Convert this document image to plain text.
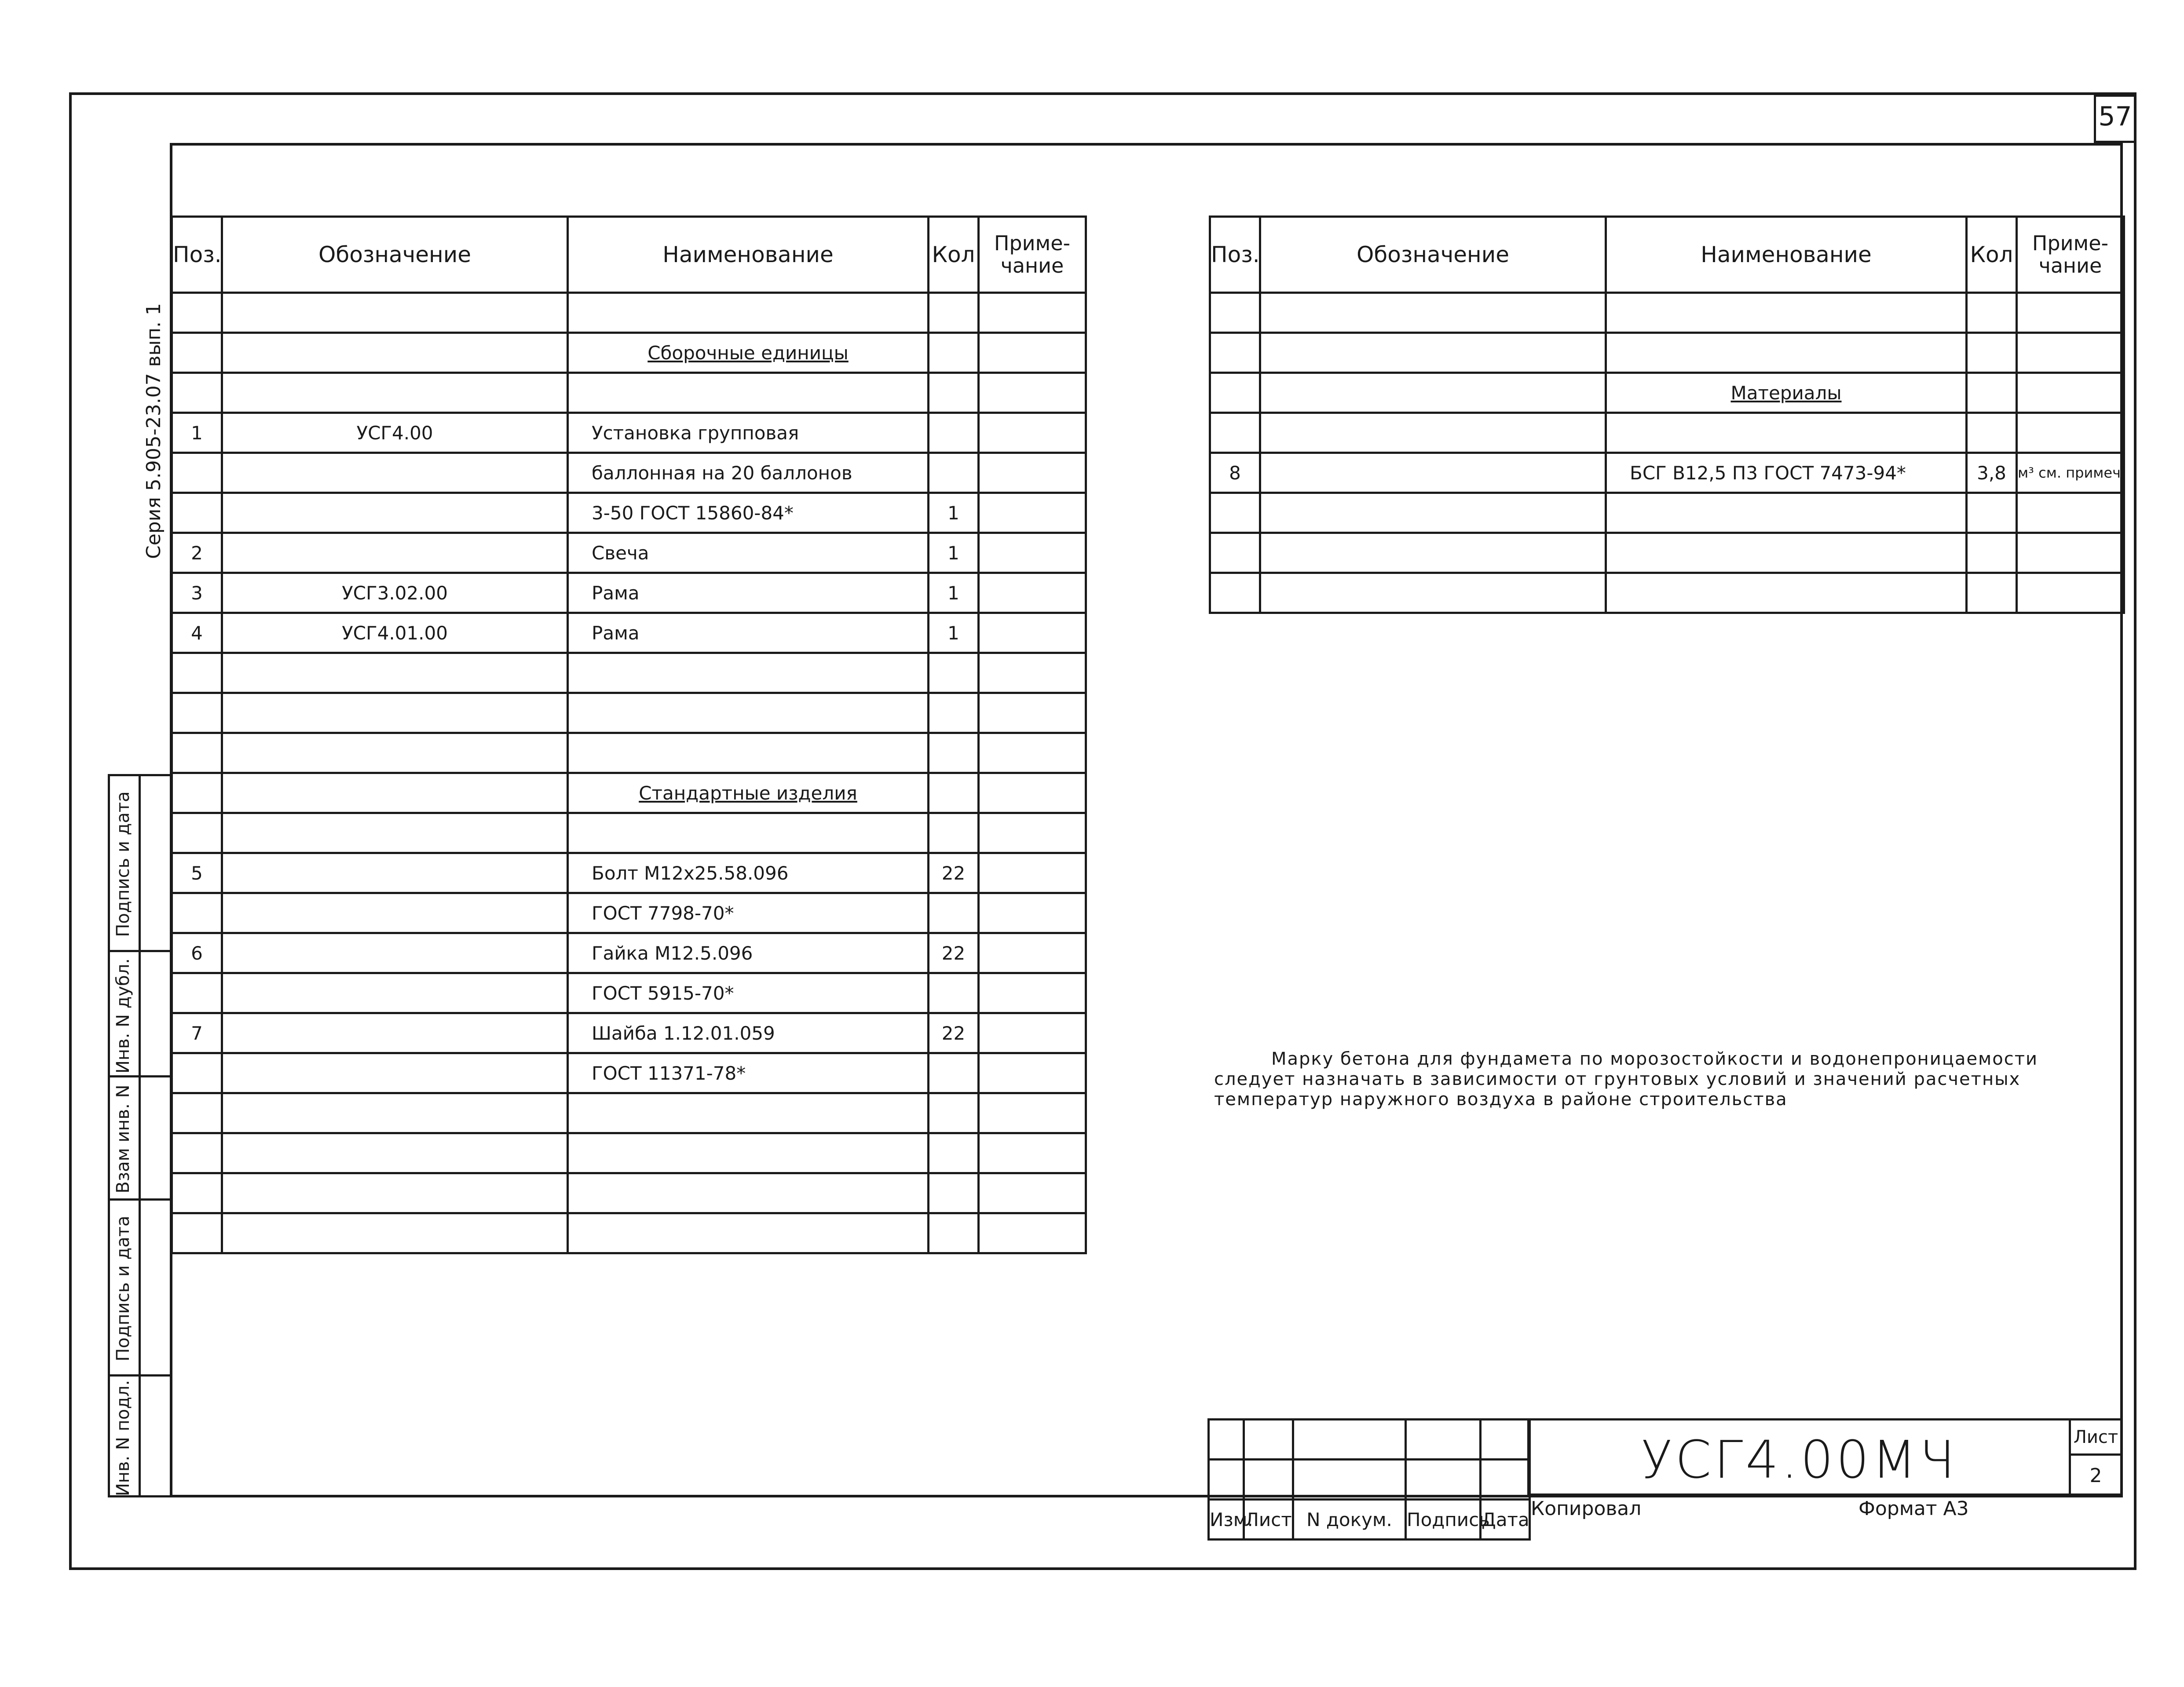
57
Серия 5.905-23.07 вып. 1
Инв. N подл.
Подпись и дата
Взам инв. N
Инв. N дубл.
Подпись и дата
Поз.	Обозначение	Наименование	Кол	Приме-чание

		Сборочные единицы		

1	УСГ4.00	Установка групповая		
		баллонная на 20 баллонов		
		3-50 ГОСТ 15860-84*	1	
2		Свеча	1	
3	УСГ3.02.00	Рама	1	
4	УСГ4.01.00	Рама	1	

		Стандартные изделия		

5		Болт М12х25.58.096	22	
		ГОСТ 7798-70*		
6		Гайка М12.5.096	22	
		ГОСТ 5915-70*		
7		Шайба 1.12.01.059	22	
		ГОСТ 11371-78*		

Поз.	Обозначение	Наименование	Кол	Приме-чание

		Материалы		

8		БСГ В12,5 П3 ГОСТ 7473-94*	3,8	м³ см. примеч.

Марку бетона для фундамета по морозостойкости и водонепроницаемости следует назначать в зависимости от грунтовых условий и значений расчетных температур наружного воздуха в районе строительства

Изм.	Лист	N докум.	Подпись	Дата
УСГ4.00МЧ	Лист
2
Копировал	Формат А3
